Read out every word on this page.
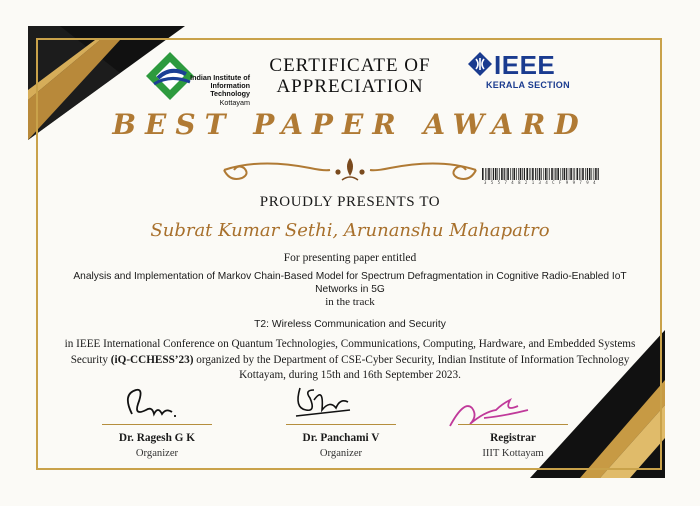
Indian Institute of
Information Technology
Kottayam
CERTIFICATE OF
APPRECIATION
IEEE
KERALA SECTION
BEST PAPER AWARD
3 5 5 7 4 8 2 1 3 4 C F 9 9 7 9 4
PROUDLY PRESENTS TO
Subrat Kumar Sethi, Arunanshu Mahapatro
For presenting paper entitled
Analysis and Implementation of Markov Chain-Based Model for Spectrum Defragmentation in Cognitive Radio-Enabled IoT Networks in 5G
in the track
T2: Wireless Communication and Security
in IEEE International Conference on Quantum Technologies, Communications, Computing, Hardware, and Embedded Systems Security (iQ-CCHESS’23) organized by the Department of CSE-Cyber Security, Indian Institute of Information Technology Kottayam, during 15th and 16th September 2023.
Dr. Ragesh G K
Organizer
Dr. Panchami V
Organizer
Registrar
IIIT Kottayam
